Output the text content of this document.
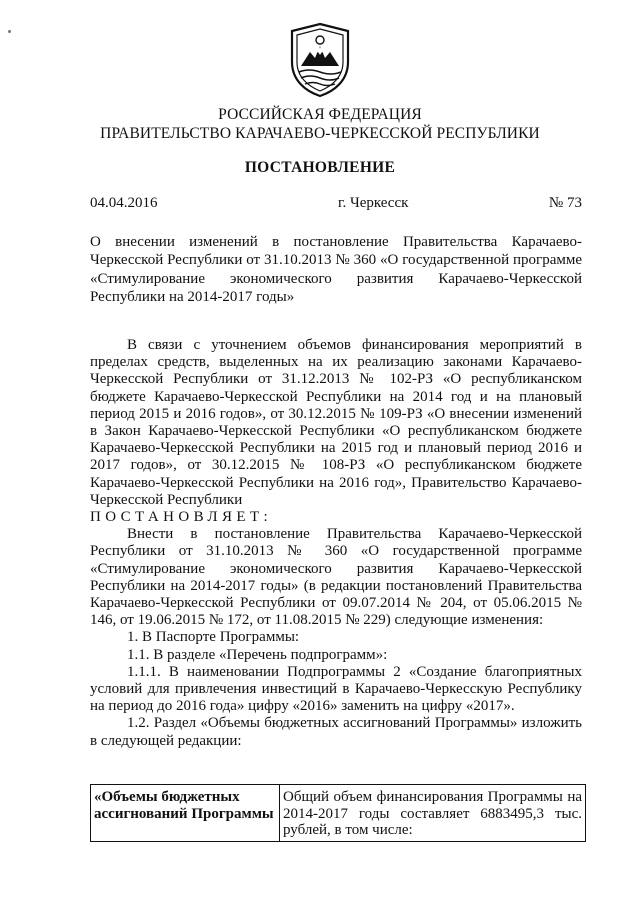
РОССИЙСКАЯ ФЕДЕРАЦИЯ
ПРАВИТЕЛЬСТВО КАРАЧАЕВО-ЧЕРКЕССКОЙ РЕСПУБЛИКИ
ПОСТАНОВЛЕНИЕ
04.04.2016	г. Черкесск	№ 73
О внесении изменений в постановление Правительства Карачаево-Черкесской Республики от 31.10.2013 № 360 «О государственной программе «Стимулирование экономического развития Карачаево-Черкесской Республики на 2014-2017 годы»

В связи с уточнением объемов финансирования мероприятий в пределах средств, выделенных на их реализацию законами Карачаево-Черкесской Республики от 31.12.2013 № 102-РЗ «О республиканском бюджете Карачаево-Черкесской Республики на 2014 год и на плановый период 2015 и 2016 годов», от 30.12.2015 № 109-РЗ «О внесении изменений в Закон Карачаево-Черкесской Республики «О республиканском бюджете Карачаево-Черкесской Республики на 2015 год и плановый период 2016 и 2017 годов», от 30.12.2015 № 108-РЗ «О республиканском бюджете Карачаево-Черкесской Республики на 2016 год», Правительство Карачаево-Черкесской Республики

ПОСТАНОВЛЯЕТ:

Внести в постановление Правительства Карачаево-Черкесской Республики от 31.10.2013 № 360 «О государственной программе «Стимулирование экономического развития Карачаево-Черкесской Республики на 2014-2017 годы» (в редакции постановлений Правительства Карачаево-Черкесской Республики от 09.07.2014 № 204, от 05.06.2015 № 146, от 19.06.2015 № 172, от 11.08.2015 № 229) следующие изменения:

1. В Паспорте Программы:

1.1. В разделе «Перечень подпрограмм»:

1.1.1. В наименовании Подпрограммы 2 «Создание благоприятных условий для привлечения инвестиций в Карачаево-Черкесскую Республику на период до 2016 года» цифру «2016» заменить на цифру «2017».

1.2. Раздел «Объемы бюджетных ассигнований Программы» изложить в следующей редакции:

«Объемы бюджетных ассигнований Программы	Общий объем финансирования Программы на 2014-2017 годы составляет 6883495,3 тыс. рублей, в том числе:
